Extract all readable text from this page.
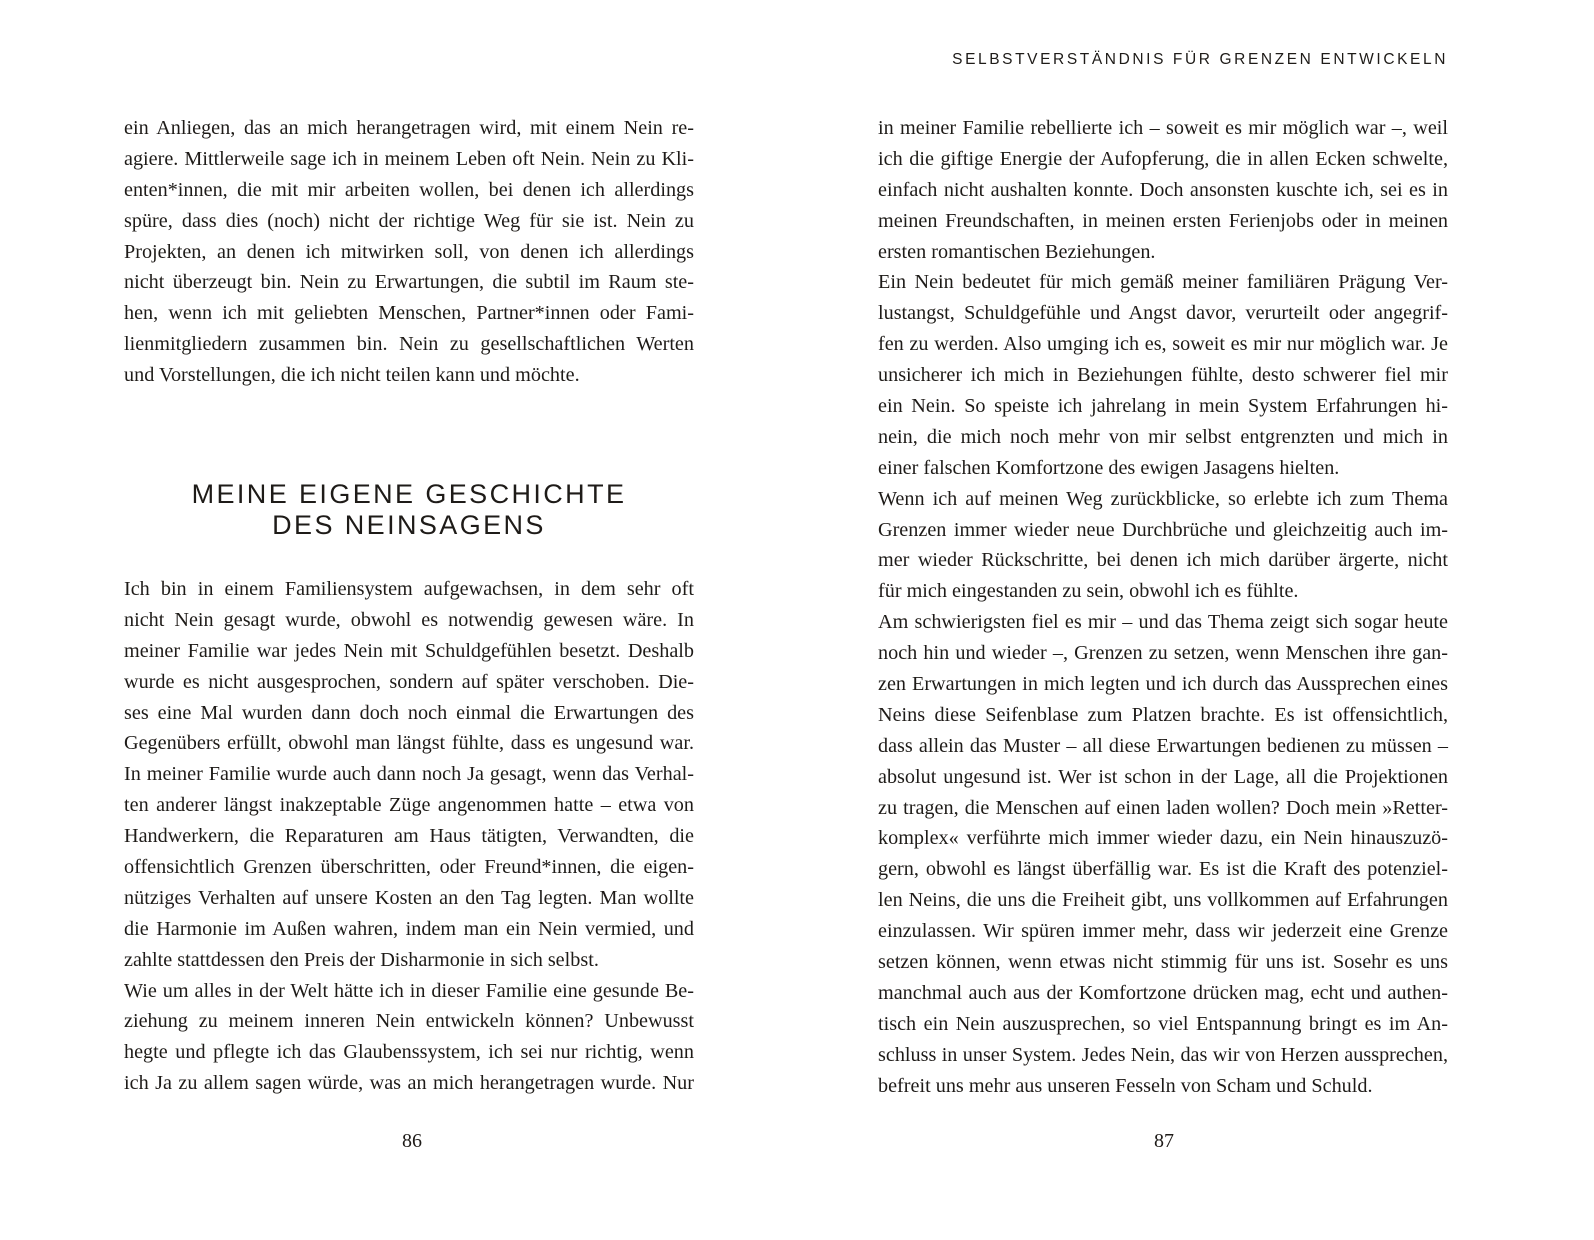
ein Anliegen, das an mich herangetragen wird, mit einem Nein re-
agiere. Mittlerweile sage ich in meinem Leben oft Nein. Nein zu Kli-
enten*innen, die mit mir arbeiten wollen, bei denen ich allerdings
spüre, dass dies (noch) nicht der richtige Weg für sie ist. Nein zu
Projekten, an denen ich mitwirken soll, von denen ich allerdings
nicht überzeugt bin. Nein zu Erwartungen, die subtil im Raum ste-
hen, wenn ich mit geliebten Menschen, Partner*innen oder Fami-
lienmitgliedern zusammen bin. Nein zu gesellschaftlichen Werten
und Vorstellungen, die ich nicht teilen kann und möchte.
MEINE EIGENE GESCHICHTE
DES NEINSAGENS
Ich bin in einem Familiensystem aufgewachsen, in dem sehr oft
nicht Nein gesagt wurde, obwohl es notwendig gewesen wäre. In
meiner Familie war jedes Nein mit Schuldgefühlen besetzt. Deshalb
wurde es nicht ausgesprochen, sondern auf später verschoben. Die-
ses eine Mal wurden dann doch noch einmal die Erwartungen des
Gegenübers erfüllt, obwohl man längst fühlte, dass es ungesund war.
In meiner Familie wurde auch dann noch Ja gesagt, wenn das Verhal-
ten anderer längst inakzeptable Züge angenommen hatte – etwa von
Handwerkern, die Reparaturen am Haus tätigten, Verwandten, die
offensichtlich Grenzen überschritten, oder Freund*innen, die eigen-
nütziges Verhalten auf unsere Kosten an den Tag legten. Man wollte
die Harmonie im Außen wahren, indem man ein Nein vermied, und
zahlte stattdessen den Preis der Disharmonie in sich selbst.
Wie um alles in der Welt hätte ich in dieser Familie eine gesunde Be-
ziehung zu meinem inneren Nein entwickeln können? Unbewusst
hegte und pflegte ich das Glaubenssystem, ich sei nur richtig, wenn
ich Ja zu allem sagen würde, was an mich herangetragen wurde. Nur
86
SELBSTVERSTÄNDNIS FÜR GRENZEN ENTWICKELN
in meiner Familie rebellierte ich – soweit es mir möglich war –, weil
ich die giftige Energie der Aufopferung, die in allen Ecken schwelte,
einfach nicht aushalten konnte. Doch ansonsten kuschte ich, sei es in
meinen Freundschaften, in meinen ersten Ferienjobs oder in meinen
ersten romantischen Beziehungen.
Ein Nein bedeutet für mich gemäß meiner familiären Prägung Ver-
lustangst, Schuldgefühle und Angst davor, verurteilt oder angegrif-
fen zu werden. Also umging ich es, soweit es mir nur möglich war. Je
unsicherer ich mich in Beziehungen fühlte, desto schwerer fiel mir
ein Nein. So speiste ich jahrelang in mein System Erfahrungen hi-
nein, die mich noch mehr von mir selbst entgrenzten und mich in
einer falschen Komfortzone des ewigen Jasagens hielten.
Wenn ich auf meinen Weg zurückblicke, so erlebte ich zum Thema
Grenzen immer wieder neue Durchbrüche und gleichzeitig auch im-
mer wieder Rückschritte, bei denen ich mich darüber ärgerte, nicht
für mich eingestanden zu sein, obwohl ich es fühlte.
Am schwierigsten fiel es mir – und das Thema zeigt sich sogar heute
noch hin und wieder –, Grenzen zu setzen, wenn Menschen ihre gan-
zen Erwartungen in mich legten und ich durch das Aussprechen eines
Neins diese Seifenblase zum Platzen brachte. Es ist offensichtlich,
dass allein das Muster – all diese Erwartungen bedienen zu müssen –
absolut ungesund ist. Wer ist schon in der Lage, all die Projektionen
zu tragen, die Menschen auf einen laden wollen? Doch mein »Retter-
komplex« verführte mich immer wieder dazu, ein Nein hinauszuzö-
gern, obwohl es längst überfällig war. Es ist die Kraft des potenziel-
len Neins, die uns die Freiheit gibt, uns vollkommen auf Erfahrungen
einzulassen. Wir spüren immer mehr, dass wir jederzeit eine Grenze
setzen können, wenn etwas nicht stimmig für uns ist. Sosehr es uns
manchmal auch aus der Komfortzone drücken mag, echt und authen-
tisch ein Nein auszusprechen, so viel Entspannung bringt es im An-
schluss in unser System. Jedes Nein, das wir von Herzen aussprechen,
befreit uns mehr aus unseren Fesseln von Scham und Schuld.
87
